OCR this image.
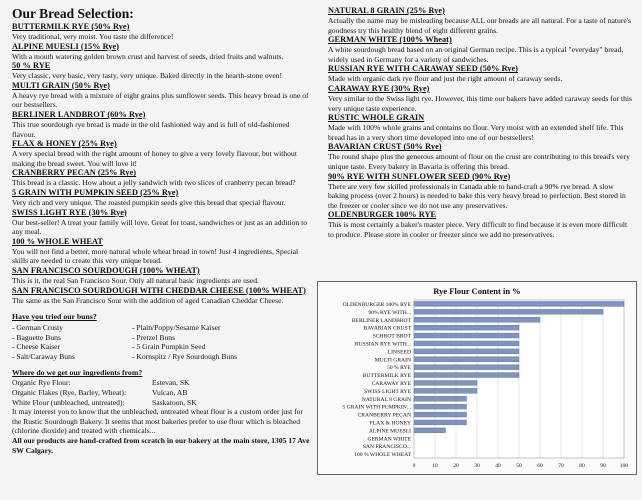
Our Bread Selection:
BUTTERMILK RYE (50% Rye)
Very traditional, very moist. You taste the difference!
ALPINE MUESLI (15% Rye)
With a mouth watering golden brown crust and harvest of seeds, dried fruits and walnuts.
50 % RYE
Very classic, very basic, very tasty, very unique. Baked directly in the hearth-stone oven!
MULTI GRAIN (50% Rye)
A heavy rye bread with a mixture of eight grains plus sunflower seeds. This heavy bread is one of our bestsellers.
BERLINER LANDBROT (60% Rye)
This true sourdough rye bread is made in the old fashioned way and is full of old-fashioned flavour.
FLAX & HONEY (25% Rye)
A very special bread with the right amount of honey to give a very lovely flavour, but without making the bread sweet. You will love it!
CRANBERRY PECAN (25% Rye)
This bread is a classic. How about a jelly sandwich with two slices of cranberry pecan bread?
5 GRAIN WITH PUMPKIN SEED (25% Rye)
Very rich and very unique. The roasted pumpkin seeds give this bread that special flavour.
SWISS LIGHT RYE (30% Rye)
Our best-seller! A treat your family will love. Great for toast, sandwiches or just as an addition to any meal.
100 % WHOLE WHEAT
You will not find a better, more natural whole wheat bread in town! Just 4 ingredients, Special skills are needed to create this very unique bread.
SAN FRANCISCO SOURDOUGH (100% WHEAT)
This is it, the real San Francisco Sour. Only all natural basic ingredients are used.
SAN FRANCISCO SOURDOUGH WITH CHEDDAR CHEESE (100% WHEAT)
The same as the San Francisco Sour with the addition of aged Canadian Cheddar Cheese.
Have you tried our buns?
- German Crusty
- Baguette Buns
- Cheese Kaiser
- Salt/Caraway Buns
- Plain/Poppy/Sesame Kaiser
- Pretzel Buns
- 5 Grain Pumpkin Seed
- Kornspitz / Rye Sourdough Buns
Where do we get our ingredients from?
Organic Rye Flour:	Estevan, SK
Organic Flakes (Rye, Barley, Wheat):	Vulcan, AB
White Flour (unbleached, untreated):	Saskatoon, SK
It may interest you to know that the unbleached, untreated wheat flour is a custom order just for the Rustic Sourdough Bakery. It seems that most bakeries prefer to use flour which is bleached (chlorine dioxide) and treated with chemicals...
All our products are hand-crafted from scratch in our bakery at the main store, 1305 17 Ave SW Calgary.
NATURAL 8 GRAIN (25% Rye)
Actually the name may be misleading because ALL our breads are all natural. For a taste of nature's goodness try this healthy blend of eight different grains.
GERMAN WHITE (100% Wheat)
A white sourdough bread based on an original German recipe. This is a typical "everyday" bread, widely used in Germany for a variety of sandwiches.
RUSSIAN RYE WITH CARAWAY SEED (50% Rye)
Made with organic dark rye flour and just the right amount of caraway seeds.
CARAWAY RYE (30% Rye)
Very similar to the Swiss light rye. However, this time our bakers have added caraway seeds for this very unique taste experience.
RUSTIC WHOLE GRAIN
Made with 100% whole grains and contains no flour. Very moist with an extended shelf life. This bread has in a very short time developed into one of our bestsellers!
BAVARIAN CRUST (50% Rye)
The round shape plus the generous amount of flour on the crust are contributing to this bread's very unique taste. Every bakery in Bavaria is offering this bread.
90% RYE WITH SUNFLOWER SEED (90% Rye)
There are very few skilled professionals in Canada able to hand-craft a 90% rye bread. A slow baking process (over 2 hours) is needed to bake this very heavy bread to perfection. Best stored in the freezer or cooler since we do not use any preservatives.
OLDENBURGER 100% RYE
This is most certainly a baker's master piece. Very difficult to find because it is even more difficult to produce. Please store in cooler or freezer since we add no preservatives.
Rye Flour Content in %
0	10	20	30	40	50	60	70	80	90	100
OLDENBURGER 100% RYE
90% RYE WITH...
BERLINER LANDBROT
BAVARIAN CRUST
SCHROT BROT
RUSSIAN RYE WITH...
LINSEED
MULTI GRAIN
50 % RYE
BUTTERMILK RYE
CARAWAY RYE
SWISS LIGHT RYE
NATURAL 8 GRAIN
5 GRAIN WITH PUMPKIN...
CRANBERRY PECAN
FLAX & HONEY
ALPINE MUESLI
GERMAN WHITE
SAN FRANCISCO...
100 % WHOLE WHEAT
